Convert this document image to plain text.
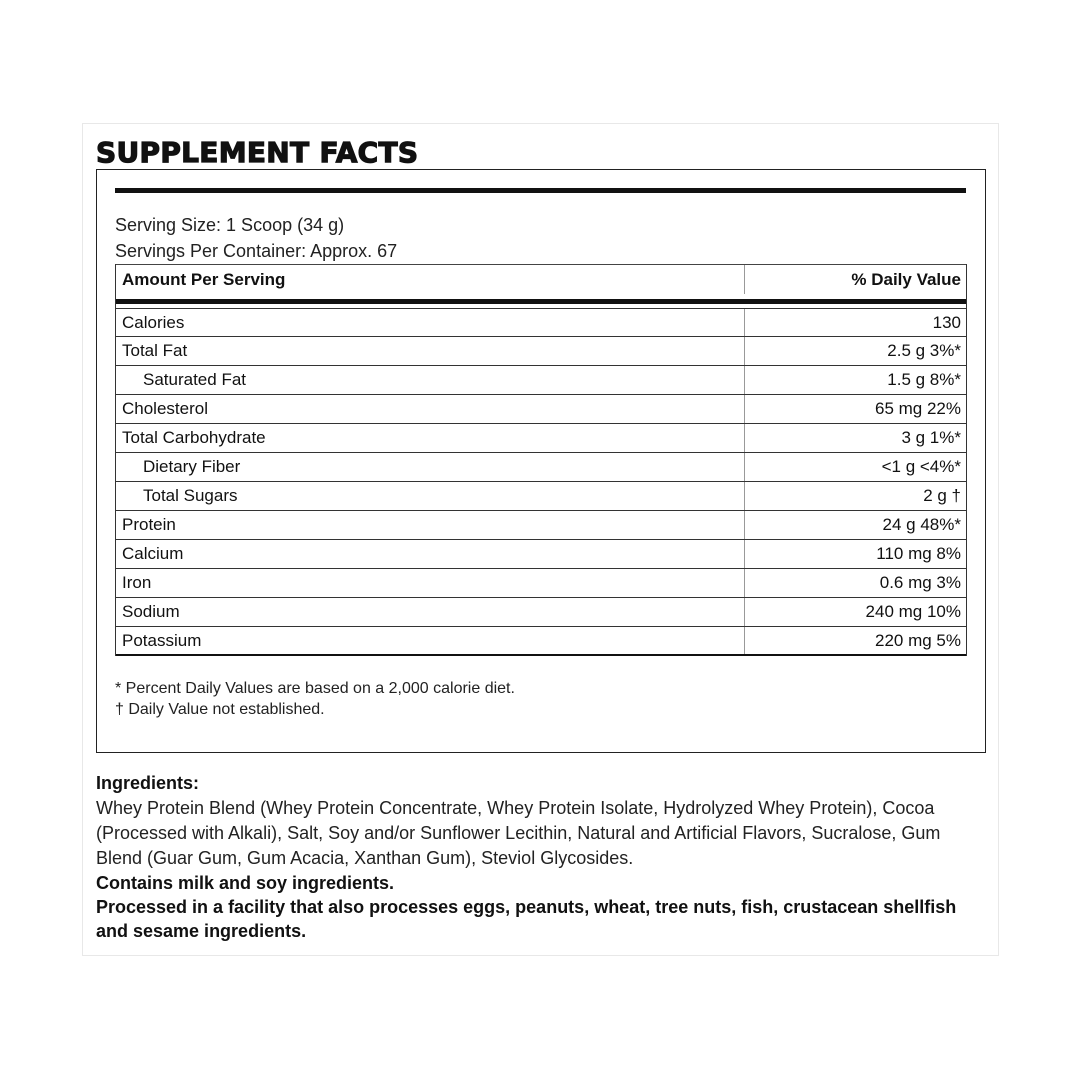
SUPPLEMENT FACTS
Serving Size: 1 Scoop (34 g)
Servings Per Container: Approx. 67
Amount Per Serving	% Daily Value
Calories	130
Total Fat	2.5 g 3%*
Saturated Fat	1.5 g 8%*
Cholesterol	65 mg 22%
Total Carbohydrate	3 g 1%*
Dietary Fiber	<1 g <4%*
Total Sugars	2 g †
Protein	24 g 48%*
Calcium	110 mg 8%
Iron	0.6 mg 3%
Sodium	240 mg 10%
Potassium	220 mg 5%
* Percent Daily Values are based on a 2,000 calorie diet.
† Daily Value not established.
Ingredients:
Whey Protein Blend (Whey Protein Concentrate, Whey Protein Isolate, Hydrolyzed Whey Protein), Cocoa (Processed with Alkali), Salt, Soy and/or Sunflower Lecithin, Natural and Artificial Flavors, Sucralose, Gum Blend (Guar Gum, Gum Acacia, Xanthan Gum), Steviol Glycosides.
Contains milk and soy ingredients.
Processed in a facility that also processes eggs, peanuts, wheat, tree nuts, fish, crustacean shellfish and sesame ingredients.
